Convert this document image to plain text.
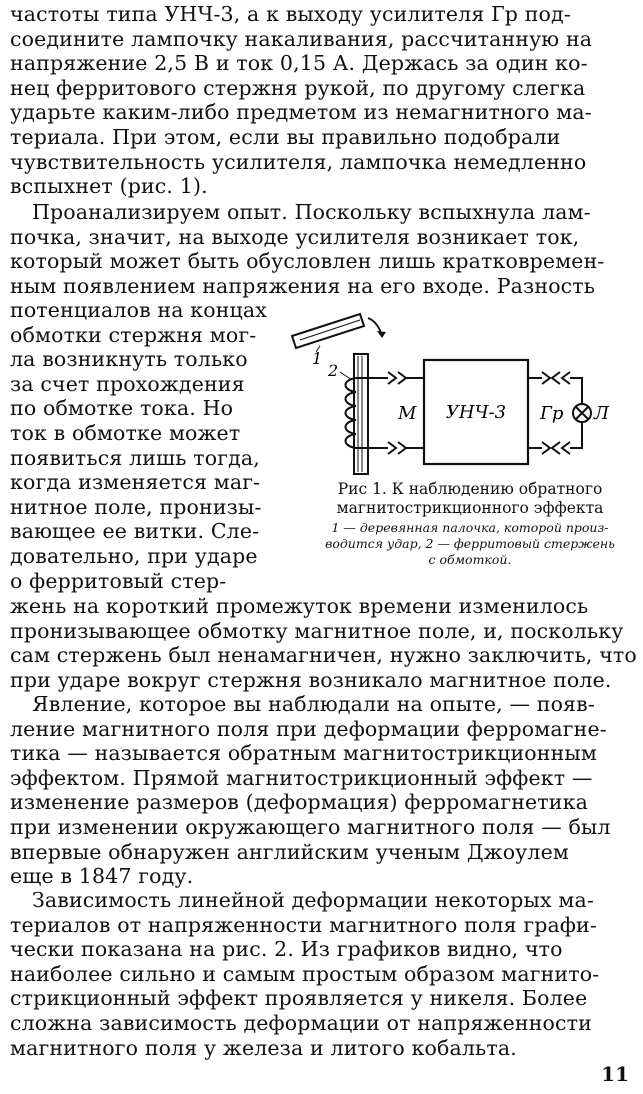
частоты типа УНЧ-3, а к выходу усилителя Гр под-
соедините лампочку накаливания, рассчитанную на
напряжение 2,5 В и ток 0,15 А. Держась за один ко-
нец ферритового стержня рукой, по другому слегка
ударьте каким-либо предметом из немагнитного ма-
териала. При этом, если вы правильно подобрали
чувствительность усилителя, лампочка немедленно
вспыхнет (рис. 1).

Проанализируем опыт. Поскольку вспыхнула лам-
почка, значит, на выходе усилителя возникает ток,
который может быть обусловлен лишь кратковремен-
ным появлением напряжения на его входе. Разность

потенциалов на концах
обмотки стержня мог-
ла возникнуть только
за счет прохождения
по обмотке тока. Но
ток в обмотке может
появиться лишь тогда,
когда изменяется маг-
нитное поле, пронизы-
вающее ее витки. Сле-
довательно, при ударе
о ферритовый стер-

жень на короткий промежуток времени изменилось
пронизывающее обмотку магнитное поле, и, поскольку
сам стержень был ненамагничен, нужно заключить, что
при ударе вокруг стержня возникало магнитное поле.

Явление, которое вы наблюдали на опыте, — появ-
ление магнитного поля при деформации ферромагне-
тика — называется обратным магнитострикционным
эффектом. Прямой магнитострикционный эффект —
изменение размеров (деформация) ферромагнетика
при изменении окружающего магнитного поля — был
впервые обнаружен английским ученым Джоулем
еще в 1847 году.

Зависимость линейной деформации некоторых ма-
териалов от напряженности магнитного поля графи-
чески показана на рис. 2. Из графиков видно, что
наиболее сильно и самым простым образом магнито-
стрикционный эффект проявляется у никеля. Более
сложна зависимость деформации от напряженности
магнитного поля у железа и литого кобальта.

1
2
М УНЧ-3 Гр Л

Рис 1. К наблюдению обратного
магнитострикционного эффекта

1 — деревянная палочка, которой произ-
водится удар, 2 — ферритовый стержень
с обмоткой.

11
